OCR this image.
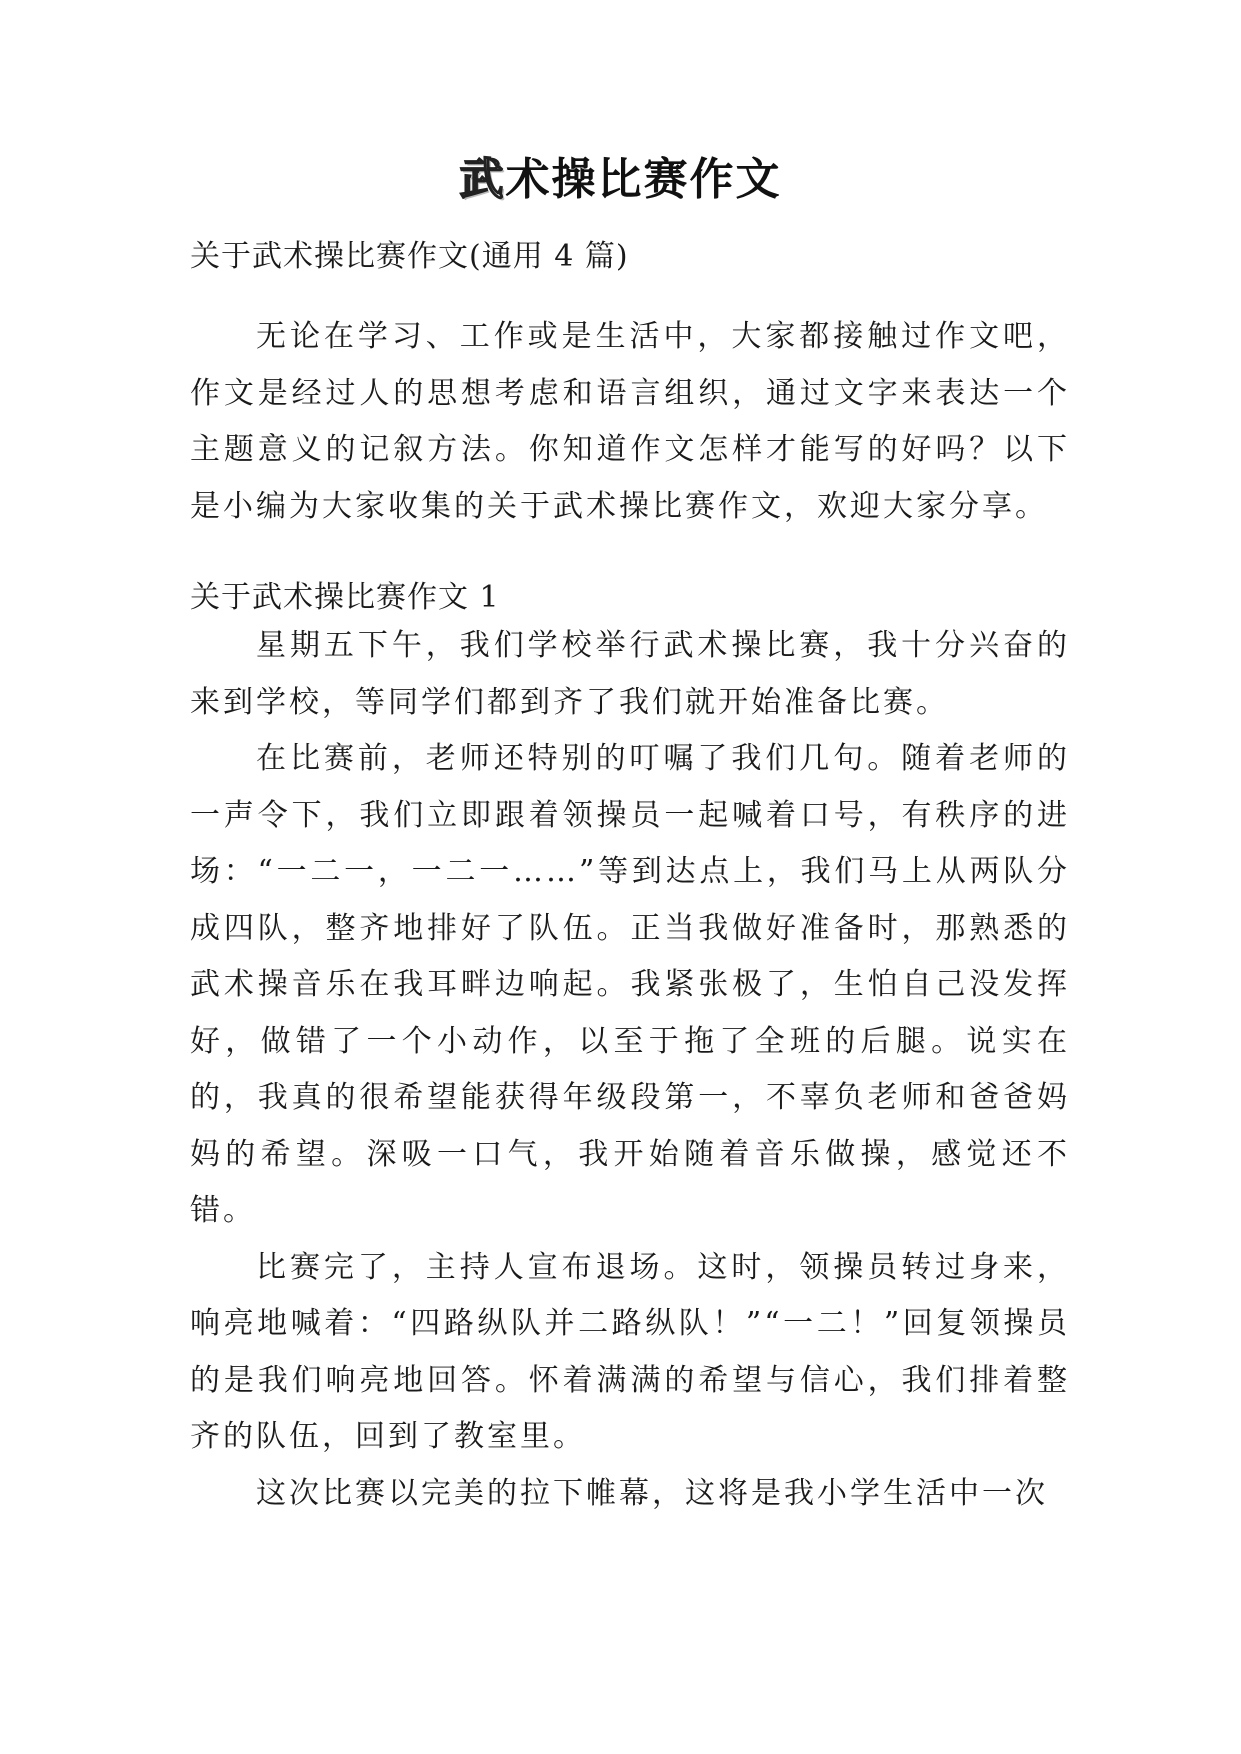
武术操比赛作文

关于武术操比赛作文(通用 4 篇)

无论在学习、工作或是生活中，大家都接触过作文吧，作文是经过人的思想考虑和语言组织，通过文字来表达一个主题意义的记叙方法。你知道作文怎样才能写的好吗？以下是小编为大家收集的关于武术操比赛作文，欢迎大家分享。

关于武术操比赛作文 1

星期五下午，我们学校举行武术操比赛，我十分兴奋的来到学校，等同学们都到齐了我们就开始准备比赛。

在比赛前，老师还特别的叮嘱了我们几句。随着老师的一声令下，我们立即跟着领操员一起喊着口号，有秩序的进场：“一二一，一二一……”等到达点上，我们马上从两队分成四队，整齐地排好了队伍。正当我做好准备时，那熟悉的武术操音乐在我耳畔边响起。我紧张极了，生怕自己没发挥好，做错了一个小动作，以至于拖了全班的后腿。说实在的，我真的很希望能获得年级段第一，不辜负老师和爸爸妈妈的希望。深吸一口气，我开始随着音乐做操，感觉还不错。

比赛完了，主持人宣布退场。这时，领操员转过身来，响亮地喊着：“四路纵队并二路纵队！”“一二！”回复领操员的是我们响亮地回答。怀着满满的希望与信心，我们排着整齐的队伍，回到了教室里。

这次比赛以完美的拉下帷幕，这将是我小学生活中一次
